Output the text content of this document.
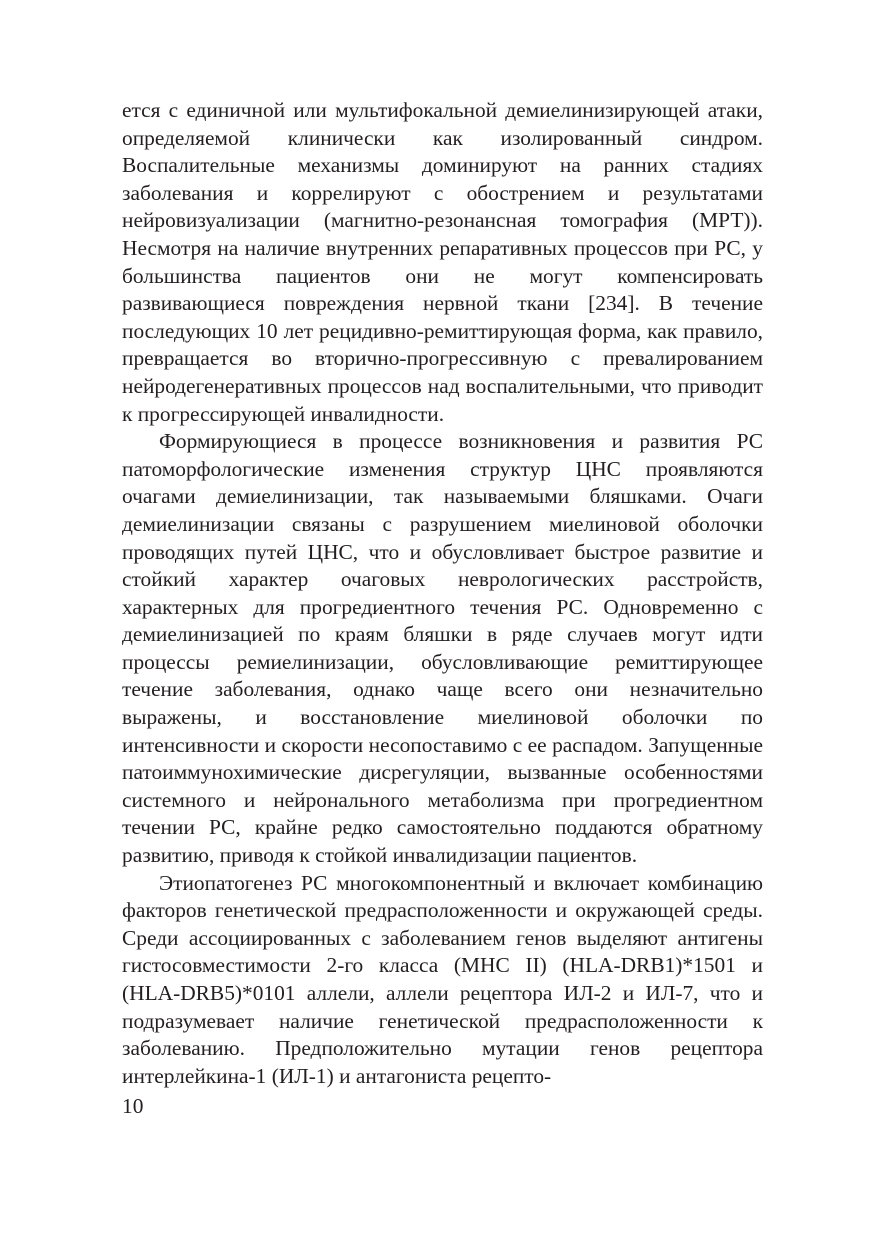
ется с единичной или мультифокальной демиелинизирующей атаки, определяемой клинически как изолированный синдром. Воспалительные механизмы доминируют на ранних стадиях заболевания и коррелируют с обострением и результатами нейровизуализации (магнитно-резонансная томография (МРТ)). Несмотря на наличие внутренних репаративных процессов при РС, у большинства пациентов они не могут компенсировать развивающиеся повреждения нервной ткани [234]. В течение последующих 10 лет рецидивно-ремиттирующая форма, как правило, превращается во вторично-прогрессивную с превалированием нейродегенеративных процессов над воспалительными, что приводит к прогрессирующей инвалидности.

Формирующиеся в процессе возникновения и развития РС патоморфологические изменения структур ЦНС проявляются очагами демиелинизации, так называемыми бляшками. Очаги демиелинизации связаны с разрушением миелиновой оболочки проводящих путей ЦНС, что и обусловливает быстрое развитие и стойкий характер очаговых неврологических расстройств, характерных для прогредиентного течения РС. Одновременно с демиелинизацией по краям бляшки в ряде случаев могут идти процессы ремиелинизации, обусловливающие ремиттирующее течение заболевания, однако чаще всего они незначительно выражены, и восстановление миелиновой оболочки по интенсивности и скорости несопоставимо с ее распадом. Запущенные патоиммунохимические дисрегуляции, вызванные особенностями системного и нейронального метаболизма при прогредиентном течении РС, крайне редко самостоятельно поддаются обратному развитию, приводя к стойкой инвалидизации пациентов.

Этиопатогенез РС многокомпонентный и включает комбинацию факторов генетической предрасположенности и окружающей среды. Среди ассоциированных с заболеванием генов выделяют антигены гистосовместимости 2-го класса (MHC II) (HLA-DRB1)*1501 и (HLA-DRB5)*0101 аллели, аллели рецептора ИЛ-2 и ИЛ-7, что и подразумевает наличие генетической предрасположенности к заболеванию. Предположительно мутации генов рецептора интерлейкина-1 (ИЛ-1) и антагониста рецепто-

10
